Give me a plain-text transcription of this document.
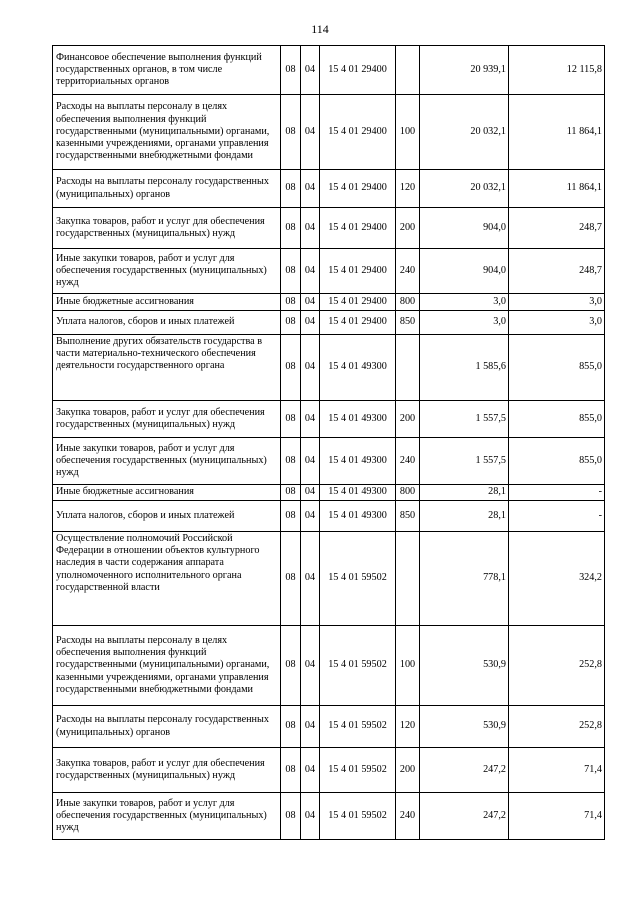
114
Финансовое обеспечение выполнения функций государственных органов, в том числе территориальных органов	08	04	15 4 01 29400		20 939,1	12 115,8
Расходы на выплаты персоналу в целях обеспечения выполнения функций государственными (муниципальными) органами, казенными учреждениями, органами управления государственными внебюджетными фондами	08	04	15 4 01 29400	100	20 032,1	11 864,1
Расходы на выплаты персоналу государственных (муниципальных) органов	08	04	15 4 01 29400	120	20 032,1	11 864,1
Закупка товаров, работ и услуг для обеспечения государственных (муниципальных) нужд	08	04	15 4 01 29400	200	904,0	248,7
Иные закупки товаров, работ и услуг для обеспечения государственных (муниципальных) нужд	08	04	15 4 01 29400	240	904,0	248,7
Иные бюджетные ассигнования	08	04	15 4 01 29400	800	3,0	3,0
Уплата налогов, сборов и иных платежей	08	04	15 4 01 29400	850	3,0	3,0
Выполнение других обязательств государства в части материально-технического обеспечения деятельности государственного органа	08	04	15 4 01 49300		1 585,6	855,0
Закупка товаров, работ и услуг для обеспечения государственных (муниципальных) нужд	08	04	15 4 01 49300	200	1 557,5	855,0
Иные закупки товаров, работ и услуг для обеспечения государственных (муниципальных) нужд	08	04	15 4 01 49300	240	1 557,5	855,0
Иные бюджетные ассигнования	08	04	15 4 01 49300	800	28,1	-
Уплата налогов, сборов и иных платежей	08	04	15 4 01 49300	850	28,1	-
Осуществление полномочий Российской Федерации в отношении объектов культурного наследия в части содержания аппарата уполномоченного исполнительного органа государственной власти	08	04	15 4 01 59502		778,1	324,2
Расходы на выплаты персоналу в целях обеспечения выполнения функций государственными (муниципальными) органами, казенными учреждениями, органами управления государственными внебюджетными фондами	08	04	15 4 01 59502	100	530,9	252,8
Расходы на выплаты персоналу государственных (муниципальных) органов	08	04	15 4 01 59502	120	530,9	252,8
Закупка товаров, работ и услуг для обеспечения государственных (муниципальных) нужд	08	04	15 4 01 59502	200	247,2	71,4
Иные закупки товаров, работ и услуг для обеспечения государственных (муниципальных) нужд	08	04	15 4 01 59502	240	247,2	71,4
